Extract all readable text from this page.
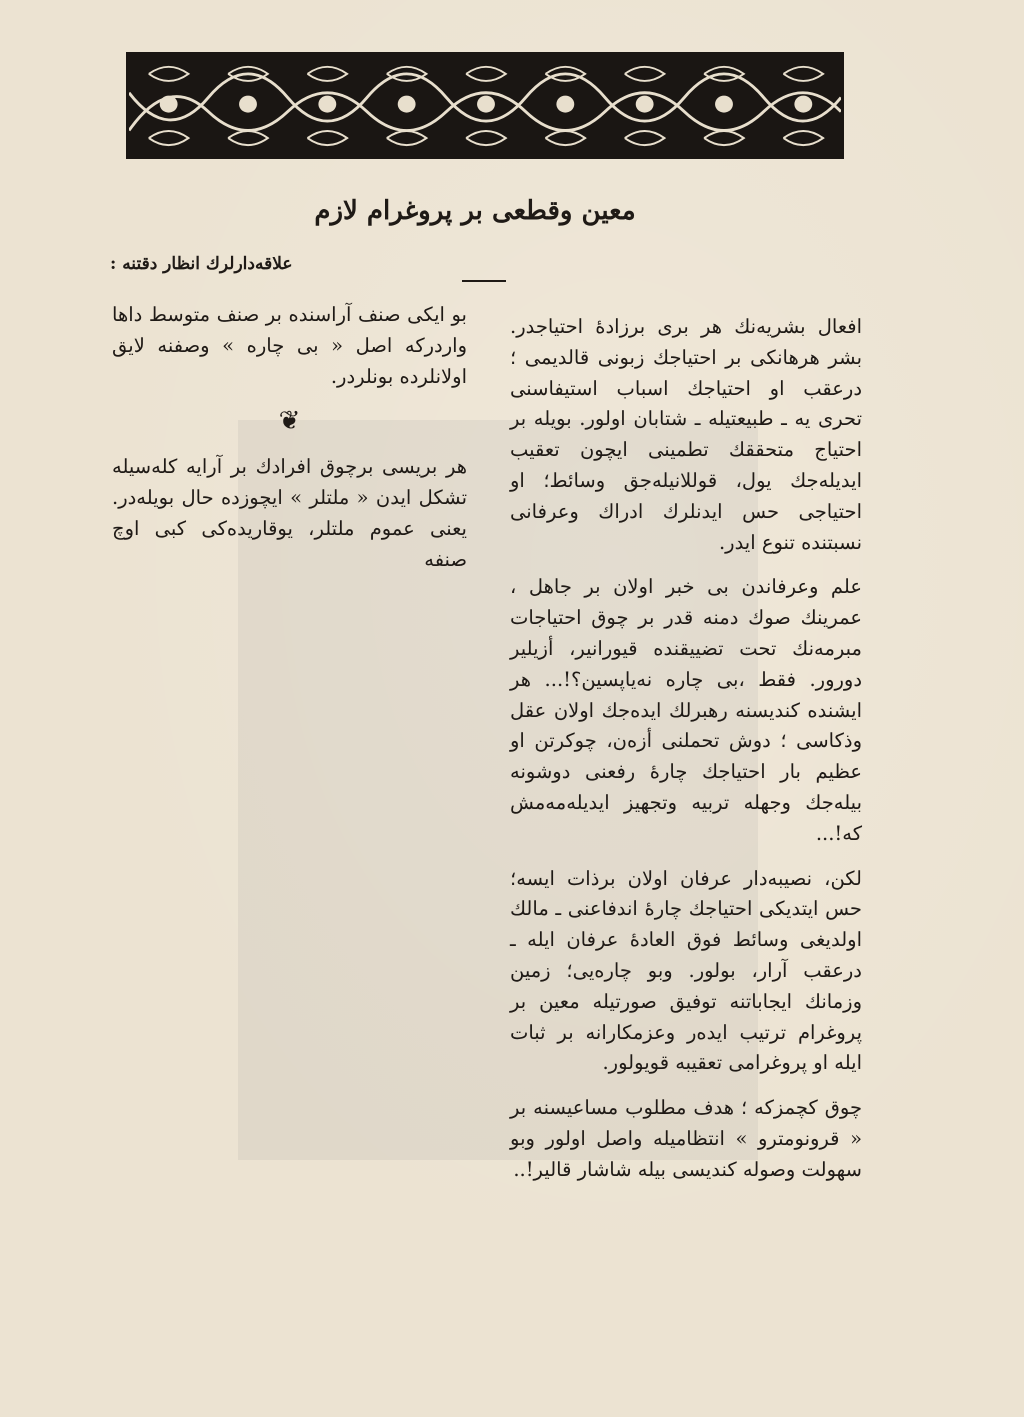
معین وقطعی بر پروغرام لازم
علاقەدارلرك انظار دقتنە :

افعال بشریەنك هر بری برزادهٔ احتیاجدر. بشر هرهانکی بر احتیاجك زبونی قالدیمی ؛ درعقب او احتیاجك اسباب استیفاسنی تحری یە ـ طبیعتیلە ـ شتابان اولور. بویلە بر احتیاج متحققك تطمینی ایچون تعقیب ایدیلەجك یول، قوللانیلەجق وسائط؛ او احتیاجی حس ایدنلرك ادراك وعرفانی نسبتندە تنوع ایدر.

علم وعرفاندن بی خبر اولان بر جاهل ، عمرینك صوك دمنە قدر بر چوق احتیاجات مبرمەنك تحت تضییقندە قیورانیر، أزیلیر دورور. فقط ،بی چارە نەیاپسین؟!... هر ایشندە کندیسنە رهبرلك ایدەجك اولان عقل وذکاسی ؛ دوش تحملنی أزەن، چوکرتن او عظیم بار احتیاجك چارهٔ رفعنی دوشونە بیلەجك وجهلە تربیە وتجهیز ایدیلەمەمش کە!...

لکن، نصیبەدار عرفان اولان برذات ایسە؛ حس ایتدیکی احتیاجك چارهٔ اندفاعنی ـ مالك اولدیغی وسائط فوق العادهٔ عرفان ایلە ـ درعقب آرار، بولور. وبو چارەیی؛ زمین وزمانك ایجاباتنە توفیق صورتیلە معین بر پروغرام ترتیب ایدەر وعزمکارانە بر ثبات ایلە او پروغرامی تعقیبە قویولور.

چوق کچمزکە ؛ هدف مطلوب مساعیسنە بر « قرونومترو » انتظامیلە واصل اولور وبو سهولت وصولە کندیسی بیلە شاشار قالیر!..

بو ایکی صنف آراسندە بر صنف متوسط داها واردرکە اصل « بی چارە » وصفنە لایق اولانلردە بونلردر.

❦

هر بریسی برچوق افرادك بر آرایە کلەسیلە تشکل ایدن « ملتلر » ایچوزدە حال بویلەدر. یعنی عموم ملتلر، یوقاریدەکی کبی اوچ صنفە
